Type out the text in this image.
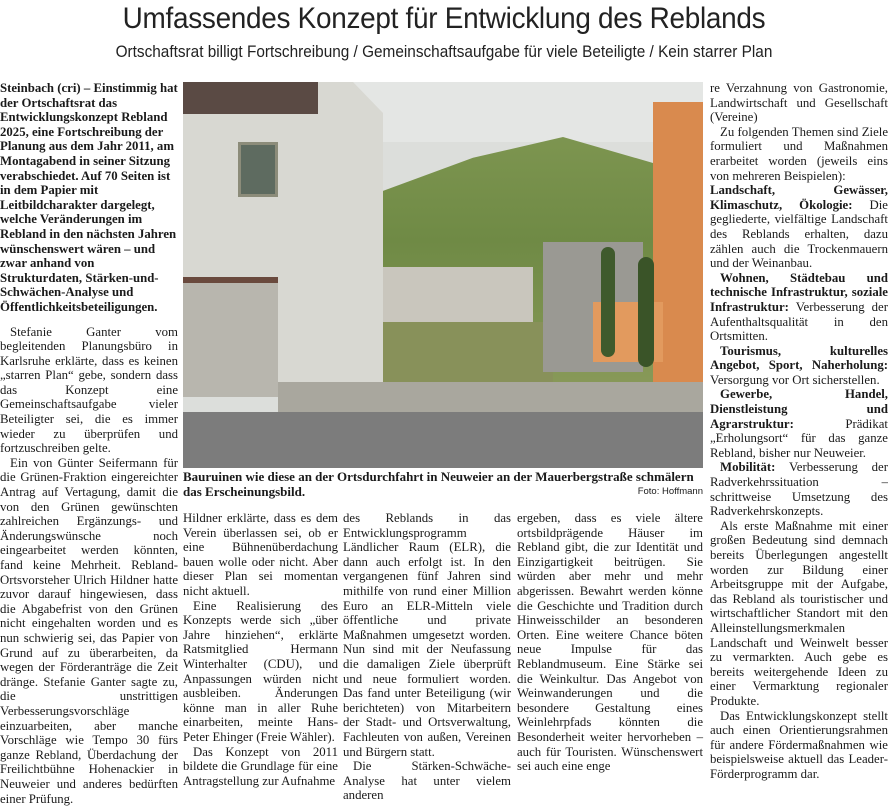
Umfassendes Konzept für Entwicklung des Reblands
Ortschaftsrat billigt Fortschreibung / Gemeinschaftsaufgabe für viele Beteiligte / Kein starrer Plan

Steinbach (cri) – Einstimmig hat der Ortschaftsrat das Entwicklungskonzept Rebland 2025, eine Fortschreibung der Planung aus dem Jahr 2011, am Montagabend in seiner Sitzung verabschiedet. Auf 70 Seiten ist in dem Papier mit Leitbildcharakter dargelegt, welche Veränderungen im Rebland in den nächsten Jahren wünschenswert wären – und zwar anhand von Strukturdaten, Stärken-und-Schwächen-Analyse und Öffentlichkeitsbeteiligungen.

Stefanie Ganter vom begleitenden Planungsbüro in Karlsruhe erklärte, dass es keinen „starren Plan“ gebe, sondern dass das Konzept eine Gemeinschaftsaufgabe vieler Beteiligter sei, die es immer wieder zu überprüfen und fortzuschreiben gelte.

Ein von Günter Seifermann für die Grünen-Fraktion eingereichter Antrag auf Vertagung, damit die von den Grünen gewünschten zahlreichen Ergänzungs- und Änderungswünsche noch eingearbeitet werden könnten, fand keine Mehrheit. Rebland-Ortsvorsteher Ulrich Hildner hatte zuvor darauf hingewiesen, dass die Abgabefrist von den Grünen nicht eingehalten worden und es nun schwierig sei, das Papier von Grund auf zu überarbeiten, da wegen der Förderanträge die Zeit dränge. Stefanie Ganter sagte zu, die unstrittigen Verbesserungsvorschläge einzuarbeiten, aber manche Vorschläge wie Tempo 30 fürs ganze Rebland, Überdachung der Freilichtbühne Hohenackier in Neuweier und anderes bedürften einer Prüfung.

Bauruinen wie diese an der Ortsdurchfahrt in Neuweier an der Mauerbergstraße schmälern das Erscheinungsbild.	Foto: Hoffmann

Hildner erklärte, dass es dem Verein überlassen sei, ob er eine Bühnenüberdachung bauen wolle oder nicht. Aber dieser Plan sei momentan nicht aktuell.

Eine Realisierung des Konzepts werde sich „über Jahre hinziehen“, erklärte Ratsmitglied Hermann Winterhalter (CDU), und Anpassungen würden nicht ausbleiben. Änderungen könne man in aller Ruhe einarbeiten, meinte Hans-Peter Ehinger (Freie Wähler).

Das Konzept von 2011 bildete die Grundlage für eine Antragstellung zur Aufnahme

des Reblands in das Entwicklungsprogramm Ländlicher Raum (ELR), die dann auch erfolgt ist. In den vergangenen fünf Jahren sind mithilfe von rund einer Million Euro an ELR-Mitteln viele öffentliche und private Maßnahmen umgesetzt worden. Nun sind mit der Neufassung die damaligen Ziele überprüft und neue formuliert worden. Das fand unter Beteiligung (wir berichteten) von Mitarbeitern der Stadt- und Ortsverwaltung, Fachleuten von außen, Vereinen und Bürgern statt.

Die Stärken-Schwäche-Analyse hat unter vielem anderen

ergeben, dass es viele ältere ortsbildprägende Häuser im Rebland gibt, die zur Identität und Einzigartigkeit beitrügen. Sie würden aber mehr und mehr abgerissen. Bewahrt werden könne die Geschichte und Tradition durch Hinweisschilder an besonderen Orten. Eine weitere Chance böten neue Impulse für das Reblandmuseum. Eine Stärke sei die Weinkultur. Das Angebot von Weinwanderungen und die besondere Gestaltung eines Weinlehrpfads könnten die Besonderheit weiter hervorheben – auch für Touristen. Wünschenswert sei auch eine enge

re Verzahnung von Gastronomie, Landwirtschaft und Gesellschaft (Vereine)

Zu folgenden Themen sind Ziele formuliert und Maßnahmen erarbeitet worden (jeweils eins von mehreren Beispielen):

Landschaft, Gewässer, Klimaschutz, Ökologie: Die gegliederte, vielfältige Landschaft des Reblands erhalten, dazu zählen auch die Trockenmauern und der Weinanbau.

Wohnen, Städtebau und technische Infrastruktur, soziale Infrastruktur: Verbesserung der Aufenthaltsqualität in den Ortsmitten.

Tourismus, kulturelles Angebot, Sport, Naherholung: Versorgung vor Ort sicherstellen.

Gewerbe, Handel, Dienstleistung und Agrarstruktur: Prädikat „Erholungsort“ für das ganze Rebland, bisher nur Neuweier.

Mobilität: Verbesserung der Radverkehrssituation – schrittweise Umsetzung des Radverkehrskonzepts.

Als erste Maßnahme mit einer großen Bedeutung sind demnach bereits Überlegungen angestellt worden zur Bildung einer Arbeitsgruppe mit der Aufgabe, das Rebland als touristischer und wirtschaftlicher Standort mit den Alleinstellungsmerkmalen Landschaft und Weinwelt besser zu vermarkten. Auch gebe es bereits weitergehende Ideen zu einer Vermarktung regionaler Produkte.

Das Entwicklungskonzept stellt auch einen Orientierungsrahmen für andere Fördermaßnahmen wie beispielsweise aktuell das Leader-Förderprogramm dar.
